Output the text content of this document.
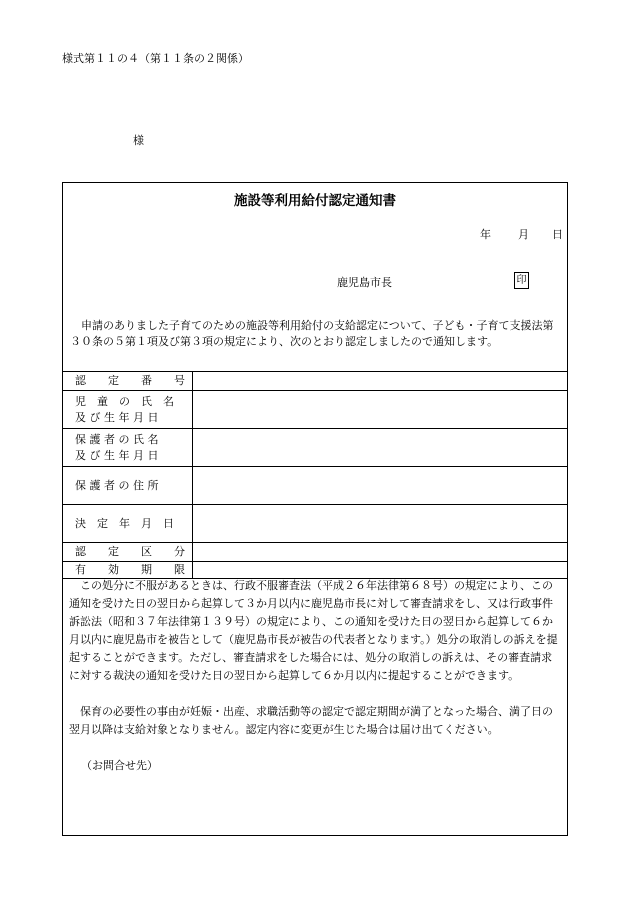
様式第１１の４（第１１条の２関係）
様
施設等利用給付認定通知書
年 月 日
鹿児島市長	印
申請のありました子育てのための施設等利用給付の支給認定について、子ども・子育て支援法第３０条の５第１項及び第３項の規定により、次のとおり認定しましたので通知します。
認　　定　　番　　号
児　童　の　氏　名
及 び 生 年 月 日
保 護 者 の 氏 名
及 び 生 年 月 日
保 護 者 の 住 所
決　定　年　月　日
認　　定　　区　　分
有　　効　　期　　限

この処分に不服があるときは、行政不服審査法（平成２６年法律第６８号）の規定により、この通知を受けた日の翌日から起算して３か月以内に鹿児島市長に対して審査請求をし、又は行政事件訴訟法（昭和３７年法律第１３９号）の規定により、この通知を受けた日の翌日から起算して６か月以内に鹿児島市を被告として（鹿児島市長が被告の代表者となります。）処分の取消しの訴えを提起することができます。ただし、審査請求をした場合には、処分の取消しの訴えは、その審査請求に対する裁決の通知を受けた日の翌日から起算して６か月以内に提起することができます。

保育の必要性の事由が妊娠・出産、求職活動等の認定で認定期間が満了となった場合、満了日の翌月以降は支給対象となりません。認定内容に変更が生じた場合は届け出てください。

（お問合せ先）
